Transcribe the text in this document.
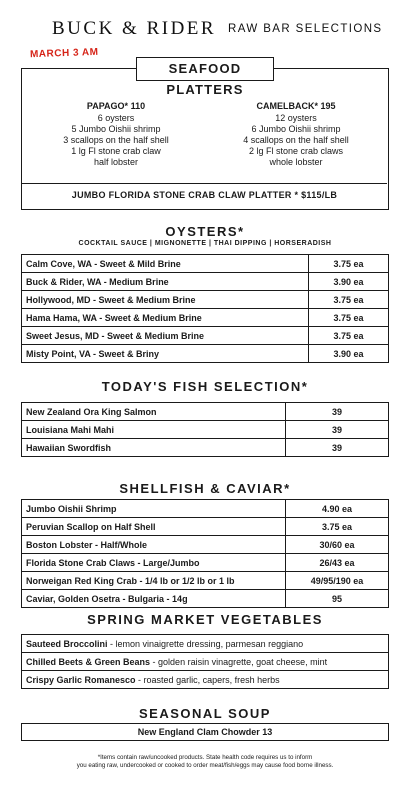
BUCK & RIDER RAW BAR SELECTIONS
MARCH 3 AM
SEAFOOD PLATTERS
PAPAGO* 110
6 oysters
5 Jumbo Oishii shrimp
3 scallops on the half shell
1 lg Fl stone crab claw
half lobster
CAMELBACK* 195
12 oysters
6 Jumbo Oishii shrimp
4 scallops on the half shell
2 lg Fl stone crab claws
whole lobster
JUMBO FLORIDA STONE CRAB CLAW PLATTER * $115/LB
OYSTERS*
COCKTAIL SAUCE | MIGNONETTE | THAI DIPPING | HORSERADISH
Calm Cove, WA - Sweet & Mild Brine	3.75 ea
Buck & Rider, WA - Medium Brine	3.90 ea
Hollywood, MD - Sweet & Medium Brine	3.75 ea
Hama Hama, WA - Sweet & Medium Brine	3.75 ea
Sweet Jesus, MD - Sweet & Medium Brine	3.75 ea
Misty Point, VA - Sweet & Briny	3.90 ea
TODAY'S FISH SELECTION*
New Zealand Ora King Salmon	39
Louisiana Mahi Mahi	39
Hawaiian Swordfish	39
SHELLFISH & CAVIAR*
Jumbo Oishii Shrimp	4.90 ea
Peruvian Scallop on Half Shell	3.75 ea
Boston Lobster - Half/Whole	30/60 ea
Florida Stone Crab Claws - Large/Jumbo	26/43 ea
Norweigan Red King Crab - 1/4 lb or 1/2 lb or 1 lb	49/95/190 ea
Caviar, Golden Osetra - Bulgaria - 14g	95
SPRING MARKET VEGETABLES
Sauteed Broccolini - lemon vinaigrette dressing, parmesan reggiano
Chilled Beets & Green Beans - golden raisin vinagrette, goat cheese, mint
Crispy Garlic Romanesco - roasted garlic, capers, fresh herbs
SEASONAL SOUP
New England Clam Chowder 13
*Items contain raw/uncooked products. State health code requires us to inform
you eating raw, undercooked or cooked to order meat/fish/eggs may cause food borne illness.
